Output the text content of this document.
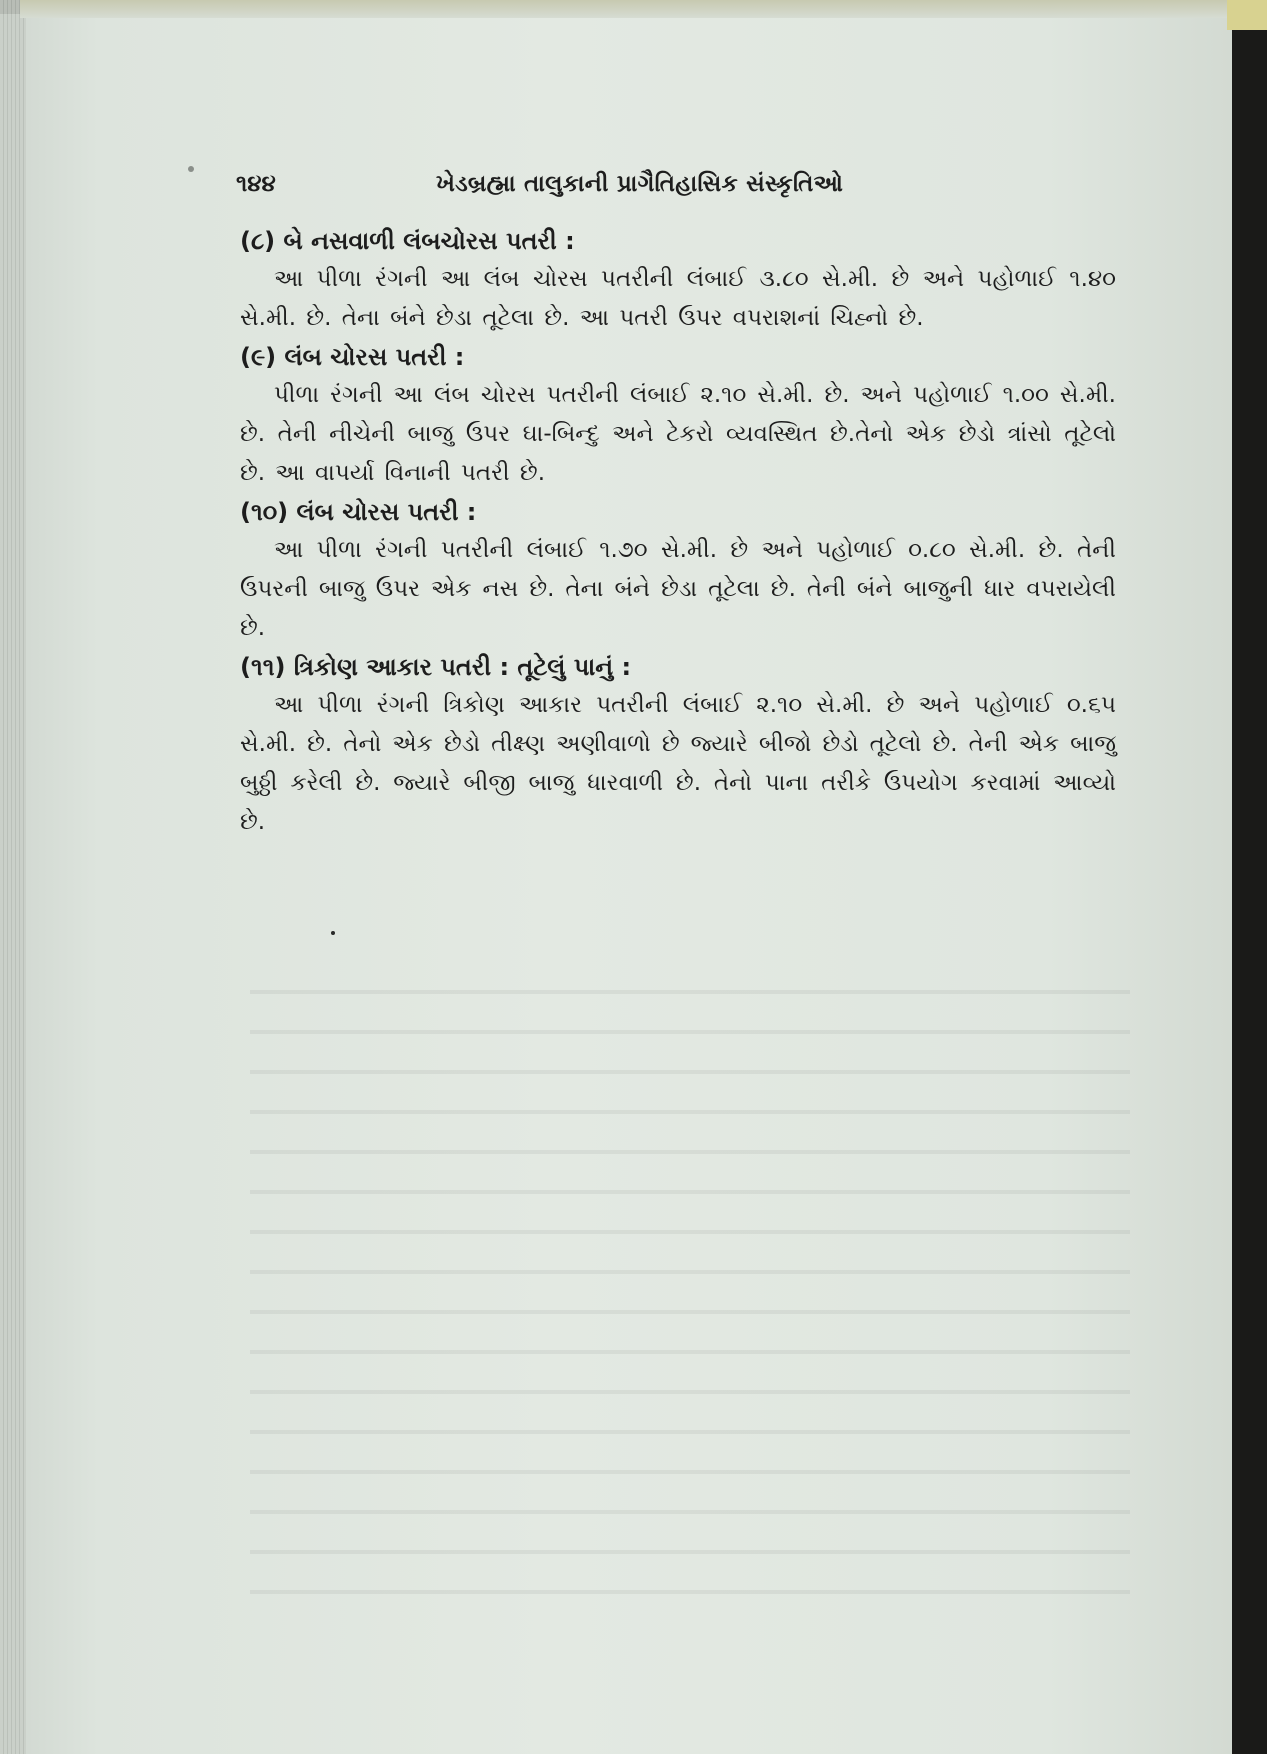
૧૪૪	ખેડબ્રહ્મા તાલુકાની પ્રાગૈતિહાસિક સંસ્કૃતિઓ
(૮) બે નસવાળી લંબચોરસ પતરી :

આ પીળા રંગની આ લંબ ચોરસ પતરીની લંબાઈ ૩.૮૦ સે.મી. છે અને પહોળાઈ ૧.૪૦ સે.મી. છે. તેના બંને છેડા તૂટેલા છે. આ પતરી ઉપર વપરાશનાં ચિહ્નો છે.

(૯) લંબ ચોરસ પતરી :

પીળા રંગની આ લંબ ચોરસ પતરીની લંબાઈ ૨.૧૦ સે.મી. છે. અને પહોળાઈ ૧.૦૦ સે.મી. છે. તેની નીચેની બાજુ ઉપર ઘા-બિન્દુ અને ટેકરો વ્યવસ્થિત છે.તેનો એક છેડો ત્રાંસો તૂટેલો છે. આ વાપર્યા વિનાની પતરી છે.

(૧૦) લંબ ચોરસ પતરી :

આ પીળા રંગની પતરીની લંબાઈ ૧.૭૦ સે.મી. છે અને પહોળાઈ ૦.૮૦ સે.મી. છે. તેની ઉપરની બાજુ ઉપર એક નસ છે. તેના બંને છેડા તૂટેલા છે. તેની બંને બાજુની ધાર વપરાયેલી છે.

(૧૧) ત્રિકોણ આકાર પતરી : તૂટેલું પાનું :

આ પીળા રંગની ત્રિકોણ આકાર પતરીની લંબાઈ ૨.૧૦ સે.મી. છે અને પહોળાઈ ૦.૬૫ સે.મી. છે. તેનો એક છેડો તીક્ષ્ણ અણીવાળો છે જ્યારે બીજો છેડો તૂટેલો છે. તેની એક બાજુ બુઠ્ઠી કરેલી છે. જ્યારે બીજી બાજુ ધારવાળી છે. તેનો પાના તરીકે ઉપયોગ કરવામાં આવ્યો છે.
